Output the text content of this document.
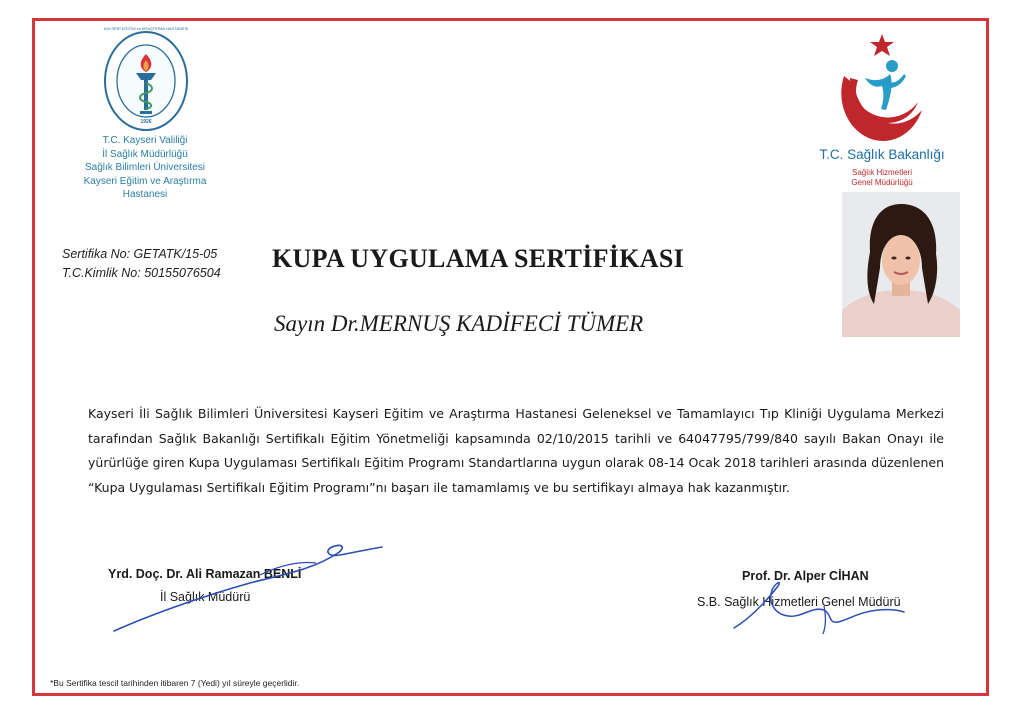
KAYSERİ EĞİTİM ve ARAŞTIRMA HASTANESİ
1926
T.C. Kayseri Valiliği
İl Sağlık Müdürlüğü
Sağlık Bilimleri Üniversitesi
Kayseri Eğitim ve Araştırma
Hastanesi
T.C. Sağlık Bakanlığı
Sağlık Hizmetleri
Genel Müdürlüğü
Sertifika No: GETATK/15-05
T.C.Kimlik No: 50155076504 KUPA UYGULAMA SERTİFİKASI
Sayın Dr.MERNUŞ KADİFECİ TÜMER
Kayseri İli Sağlık Bilimleri Üniversitesi Kayseri Eğitim ve Araştırma Hastanesi Geleneksel ve Tamamlayıcı Tıp Kliniği Uygulama Merkezi tarafından Sağlık Bakanlığı Sertifikalı Eğitim Yönetmeliği kapsamında 02/10/2015 tarihli ve 64047795/799/840 sayılı Bakan Onayı ile yürürlüğe giren Kupa Uygulaması Sertifikalı Eğitim Programı Standartlarına uygun olarak 08-14 Ocak 2018 tarihleri arasında düzenlenen “Kupa Uygulaması Sertifikalı Eğitim Programı”nı başarı ile tamamlamış ve bu sertifikayı almaya hak kazanmıştır.
Yrd. Doç. Dr. Ali Ramazan BENLİ
İl Sağlık Müdürü
Prof. Dr. Alper CİHAN
S.B. Sağlık Hizmetleri Genel Müdürü
*Bu Sertifika tescil tarihinden itibaren 7 (Yedi) yıl süreyle geçerlidir.
